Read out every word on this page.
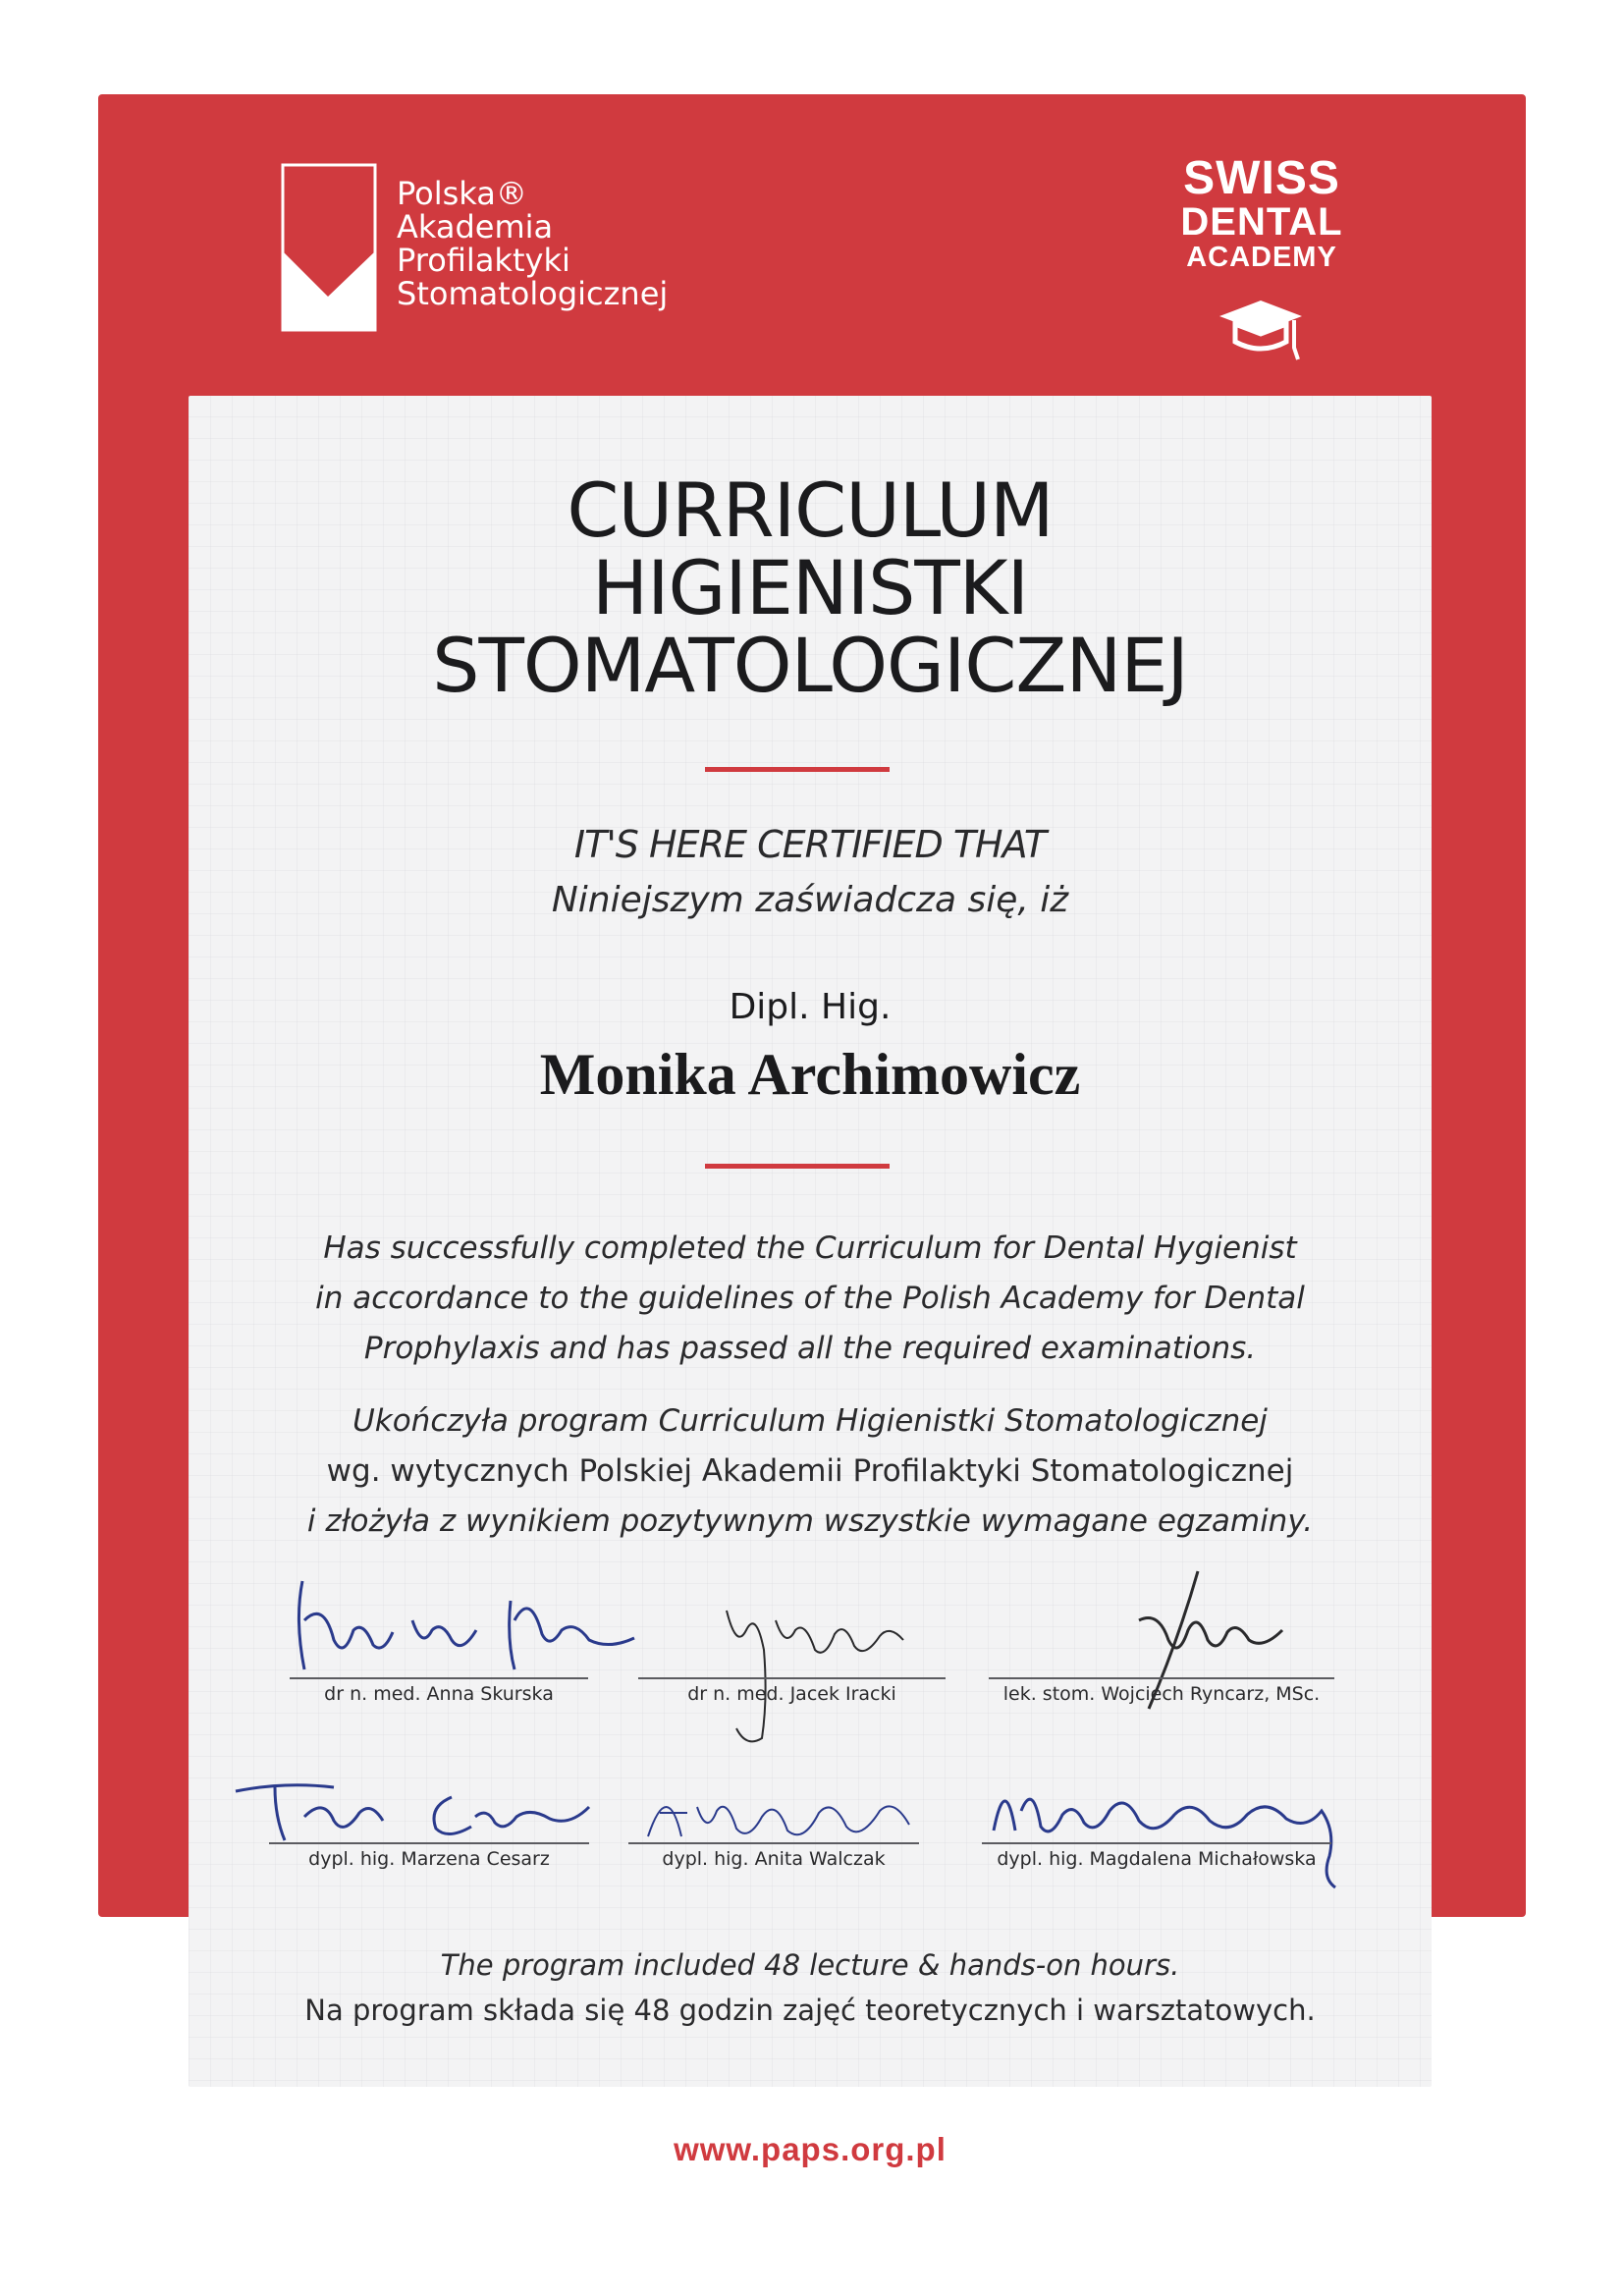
Polska®
Akademia
Profilaktyki
Stomatologicznej
SWISS
DENTAL
ACADEMY
CURRICULUM
HIGIENISTKI
STOMATOLOGICZNEJ
IT'S HERE CERTIFIED THAT
Niniejszym zaświadcza się, iż
Dipl. Hig.
Monika Archimowicz
Has successfully completed the Curriculum for Dental Hygienist
in accordance to the guidelines of the Polish Academy for Dental
Prophylaxis and has passed all the required examinations.
Ukończyła program Curriculum Higienistki Stomatologicznej
wg. wytycznych Polskiej Akademii Profilaktyki Stomatologicznej
i złożyła z wynikiem pozytywnym wszystkie wymagane egzaminy.
dr n. med. Anna Skurska	dr n. med. Jacek Iracki	lek. stom. Wojciech Ryncarz, MSc.
dypl. hig. Marzena Cesarz	dypl. hig. Anita Walczak	dypl. hig. Magdalena Michałowska
The program included 48 lecture & hands-on hours.
Na program składa się 48 godzin zajęć teoretycznych i warsztatowych.
www.paps.org.pl
